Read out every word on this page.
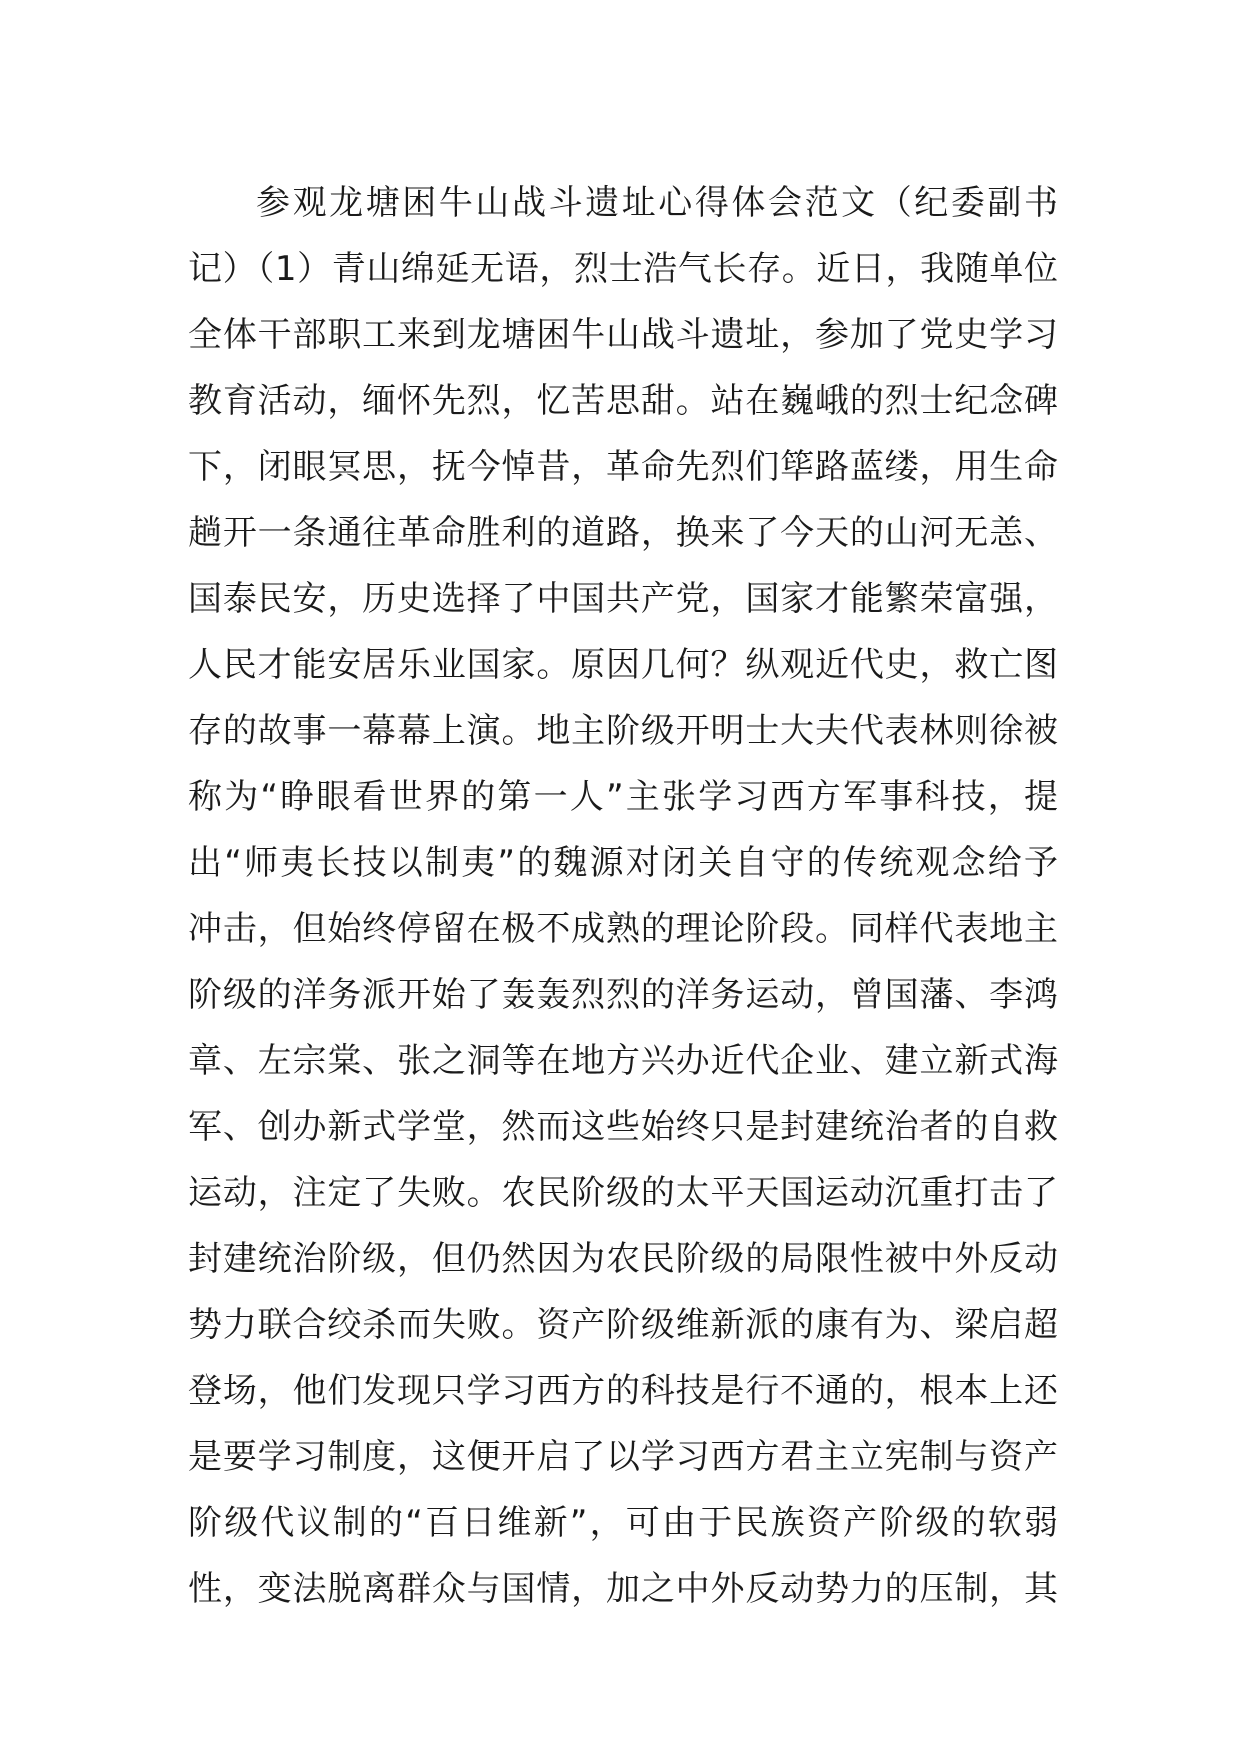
参观龙塘困牛山战斗遗址心得体会范文（纪委副书
记）（1）青山绵延无语，烈士浩气长存。近日，我随单位
全体干部职工来到龙塘困牛山战斗遗址，参加了党史学习
教育活动，缅怀先烈，忆苦思甜。站在巍峨的烈士纪念碑
下，闭眼冥思，抚今悼昔，革命先烈们筚路蓝缕，用生命
趟开一条通往革命胜利的道路，换来了今天的山河无恙、
国泰民安，历史选择了中国共产党，国家才能繁荣富强，
人民才能安居乐业国家。原因几何？纵观近代史，救亡图
存的故事一幕幕上演。地主阶级开明士大夫代表林则徐被
称为“睁眼看世界的第一人”主张学习西方军事科技，提
出“师夷长技以制夷”的魏源对闭关自守的传统观念给予
冲击，但始终停留在极不成熟的理论阶段。同样代表地主
阶级的洋务派开始了轰轰烈烈的洋务运动，曾国藩、李鸿
章、左宗棠、张之洞等在地方兴办近代企业、建立新式海
军、创办新式学堂，然而这些始终只是封建统治者的自救
运动，注定了失败。农民阶级的太平天国运动沉重打击了
封建统治阶级，但仍然因为农民阶级的局限性被中外反动
势力联合绞杀而失败。资产阶级维新派的康有为、梁启超
登场，他们发现只学习西方的科技是行不通的，根本上还
是要学习制度，这便开启了以学习西方君主立宪制与资产
阶级代议制的“百日维新”，可由于民族资产阶级的软弱
性，变法脱离群众与国情，加之中外反动势力的压制，其
